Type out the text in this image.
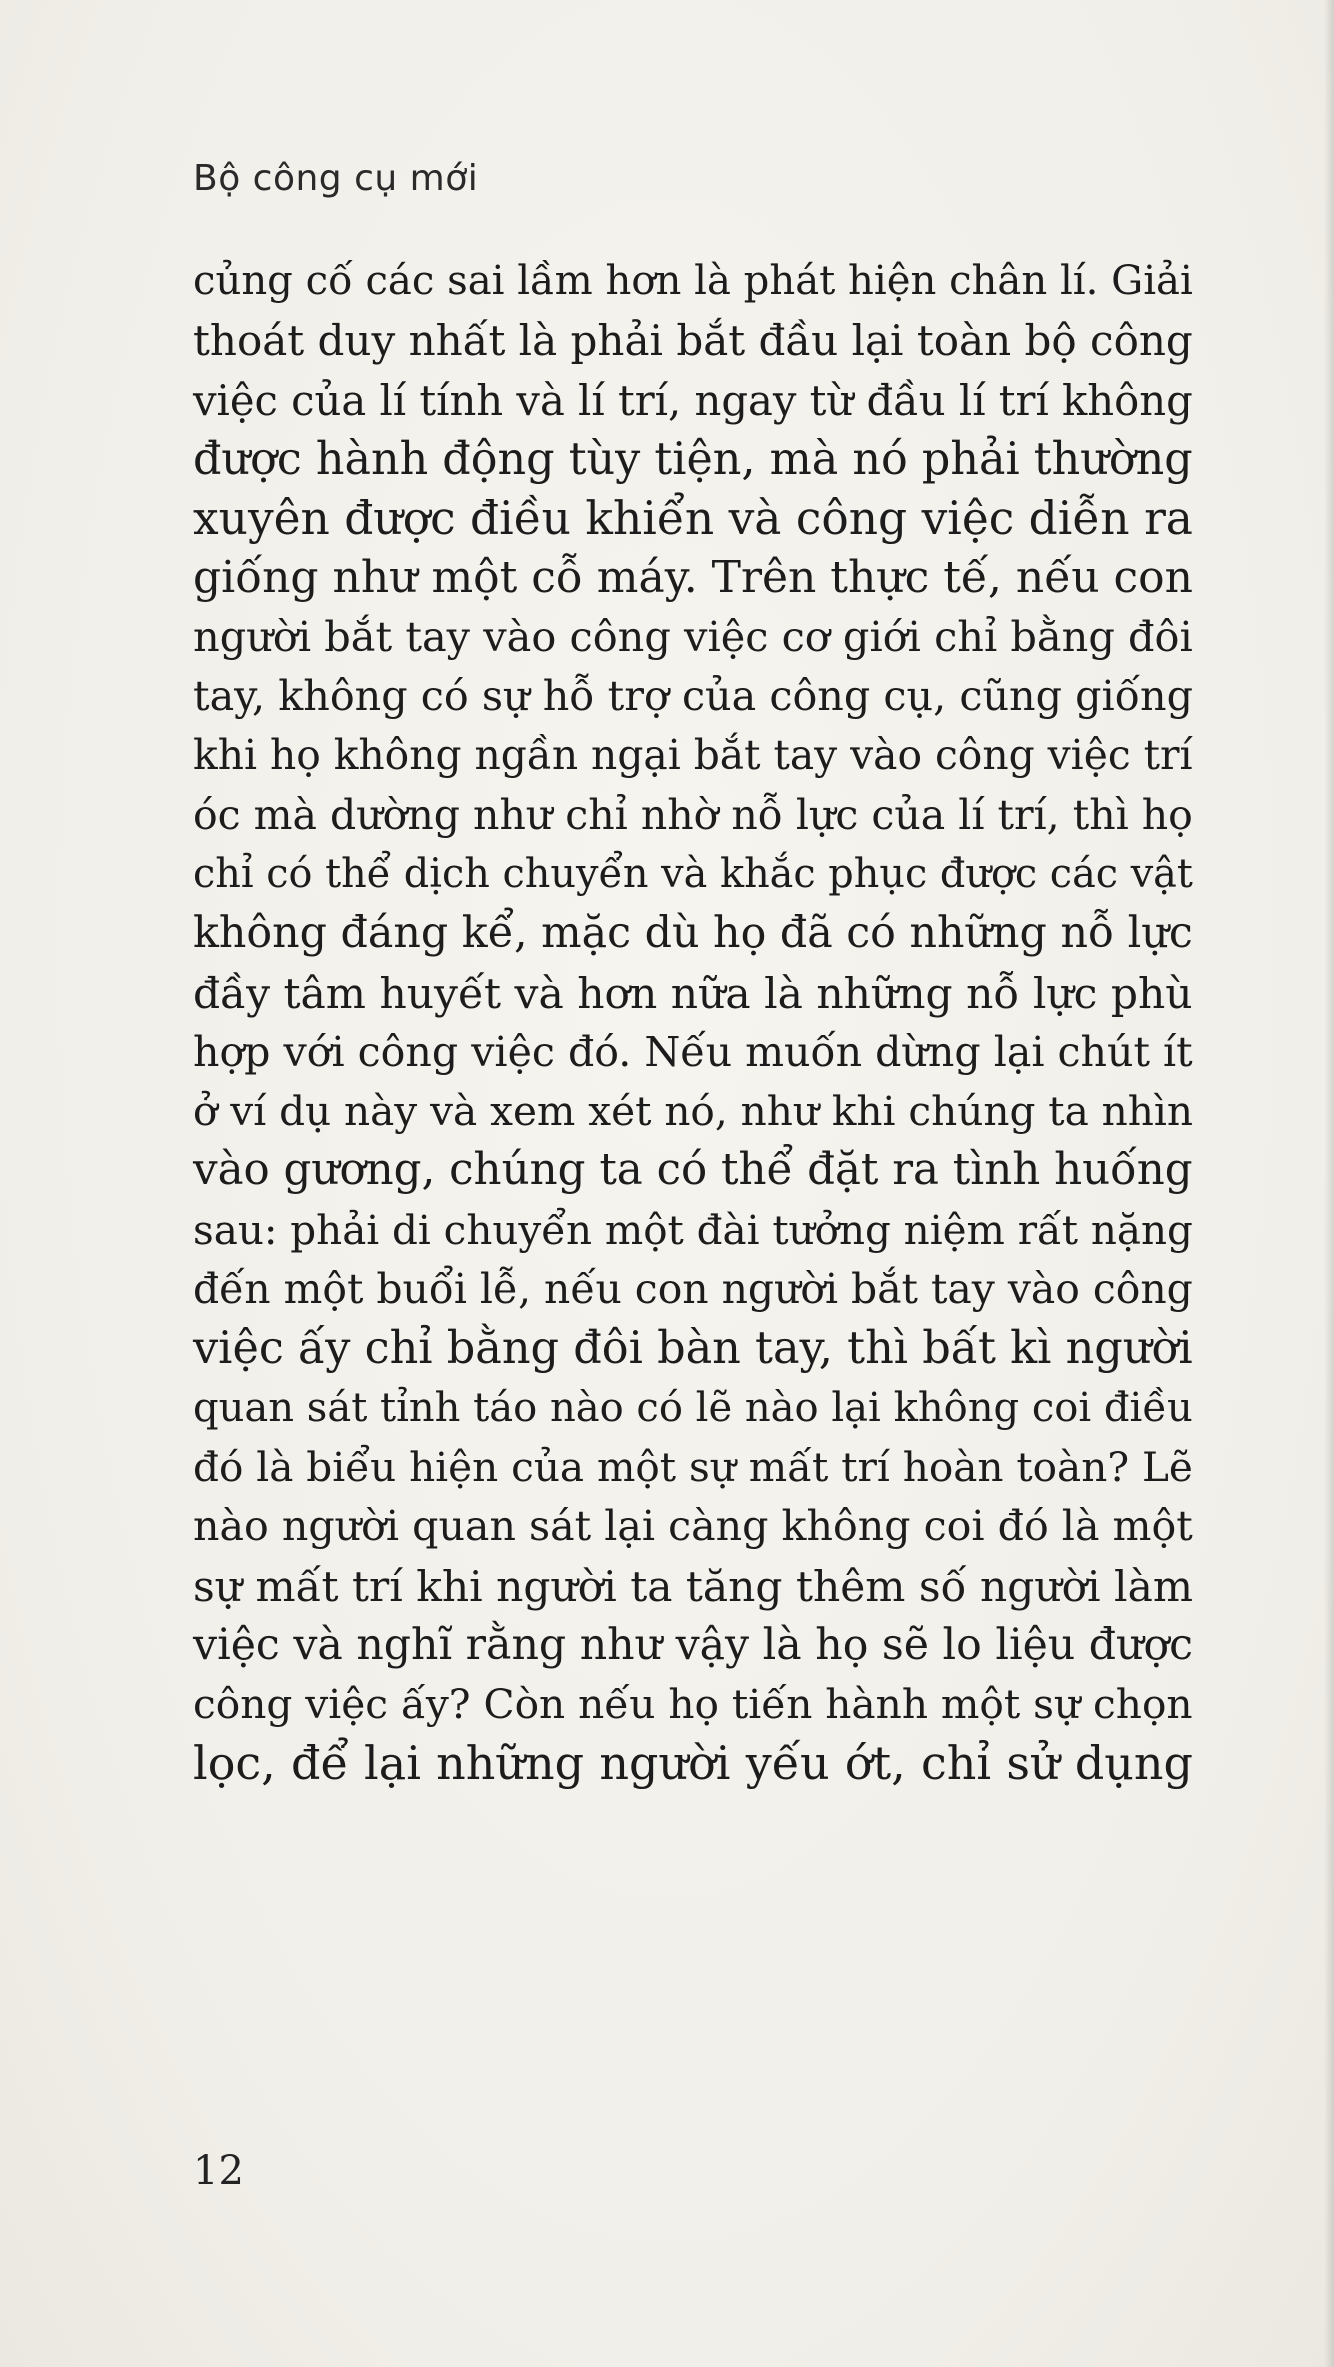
Bộ công cụ mới
củng cố các sai lầm hơn là phát hiện chân lí. Giải
thoát duy nhất là phải bắt đầu lại toàn bộ công
việc của lí tính và lí trí, ngay từ đầu lí trí không
được hành động tùy tiện, mà nó phải thường
xuyên được điều khiển và công việc diễn ra
giống như một cỗ máy. Trên thực tế, nếu con
người bắt tay vào công việc cơ giới chỉ bằng đôi
tay, không có sự hỗ trợ của công cụ, cũng giống
khi họ không ngần ngại bắt tay vào công việc trí
óc mà dường như chỉ nhờ nỗ lực của lí trí, thì họ
chỉ có thể dịch chuyển và khắc phục được các vật
không đáng kể, mặc dù họ đã có những nỗ lực
đầy tâm huyết và hơn nữa là những nỗ lực phù
hợp với công việc đó. Nếu muốn dừng lại chút ít
ở ví dụ này và xem xét nó, như khi chúng ta nhìn
vào gương, chúng ta có thể đặt ra tình huống
sau: phải di chuyển một đài tưởng niệm rất nặng
đến một buổi lễ, nếu con người bắt tay vào công
việc ấy chỉ bằng đôi bàn tay, thì bất kì người
quan sát tỉnh táo nào có lẽ nào lại không coi điều
đó là biểu hiện của một sự mất trí hoàn toàn? Lẽ
nào người quan sát lại càng không coi đó là một
sự mất trí khi người ta tăng thêm số người làm
việc và nghĩ rằng như vậy là họ sẽ lo liệu được
công việc ấy? Còn nếu họ tiến hành một sự chọn
lọc, để lại những người yếu ớt, chỉ sử dụng
12
